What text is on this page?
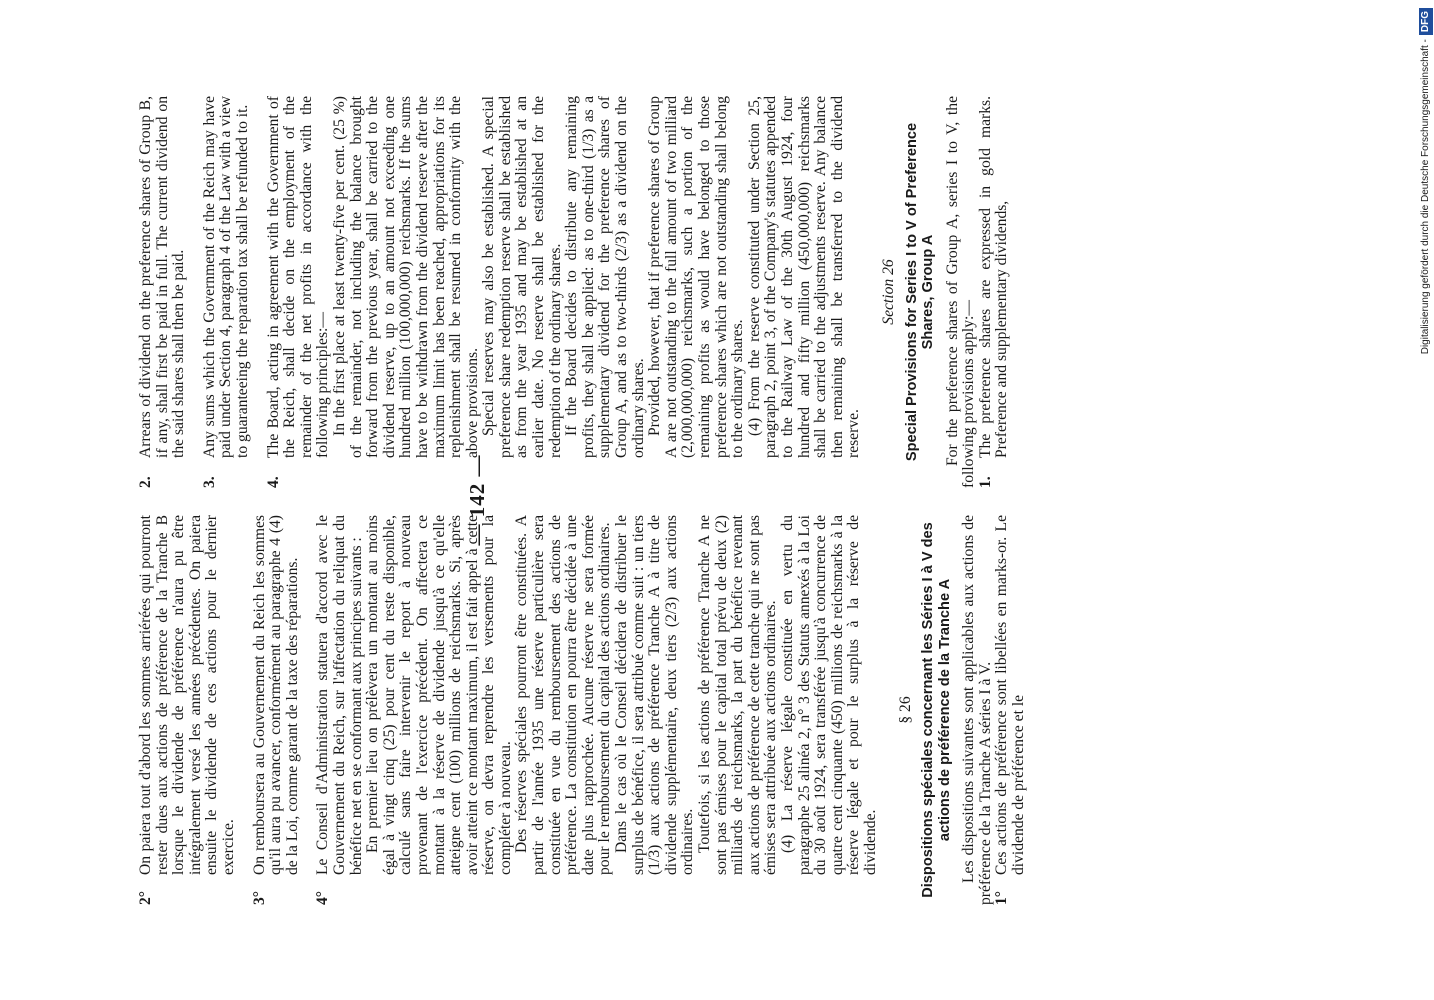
— 142 —
2°
On paiera tout d'abord les sommes arriérées qui pourront rester dues aux actions de préférence de la Tranche B lorsque le dividende de préférence n'aura pu être intégralement versé les années précédentes. On paiera ensuite le dividende de ces actions pour le dernier exercice.
3°
On remboursera au Gouvernement du Reich les sommes qu'il aura pu avancer, conformément au paragraphe 4 (4) de la Loi, comme garant de la taxe des réparations.
4°

Le Conseil d'Administration statuera d'accord avec le Gouvernement du Reich, sur l'affectation du reliquat du bénéfice net en se conformant aux principes suivants : En premier lieu on prélèvera un montant au moins égal à vingt cinq (25) pour cent du reste disponible, calculé sans faire intervenir le report à nouveau provenant de l'exercice précédent. On affectera ce montant à la réserve de dividende jusqu'à ce qu'elle atteigne cent (100) millions de reichsmarks. Si, après avoir atteint ce montant maximum, il est fait appel à cette réserve, on devra reprendre les versements pour la compléter à nouveau. Des réserves spéciales pourront être constituées. A partir de l'année 1935 une réserve particulière sera constituée en vue du remboursement des actions de préférence. La constitution en pourra être décidée à une date plus rapprochée. Aucune réserve ne sera formée pour le remboursement du capital des actions ordinaires. Dans le cas où le Conseil décidera de distribuer le surplus de bénéfice, il sera attribué comme suit : un tiers (1/3) aux actions de préférence Tranche A à titre de dividende supplémentaire, deux tiers (2/3) aux actions ordinaires. Toutefois, si les actions de préférence Tranche A ne sont pas émises pour le capital total prévu de deux (2) milliards de reichsmarks, la part du bénéfice revenant aux actions de préférence de cette tranche qui ne sont pas émises sera attribuée aux actions ordinaires. (4) La réserve légale constituée en vertu du paragraphe 25 alinéa 2, n° 3 des Statuts annexés à la Loi du 30 août 1924, sera transférée jusqu'à concurrence de quatre cent cinquante (450) millions de reichsmarks à la réserve légale et pour le surplus à la réserve de dividende.

§ 26 Dispositions spéciales concernant les Séries I à V des actions de préférence de la Tranche A Les dispositions suivantes sont applicables aux actions de préférence de la Tranche A séries I à V. 1°
Ces actions de préférence sont libellées en marks-or. Le dividende de préférence et le
2.
Arrears of dividend on the preference shares of Group B, if any, shall first be paid in full. The current dividend on the said shares shall then be paid.
3.
Any sums which the Government of the Reich may have paid under Section 4, paragraph 4 of the Law with a view to guaranteeing the reparation tax shall be refunded to it.
4.

The Board, acting in agreement with the Government of the Reich, shall decide on the employment of the remainder of the net profits in accordance with the following principles:— In the first place at least twenty-five per cent. (25 %) of the remainder, not including the balance brought forward from the previous year, shall be carried to the dividend reserve, up to an amount not exceeding one hundred million (100,000,000) reichsmarks. If the sums have to be withdrawn from the dividend reserve after the maximum limit has been reached, appropriations for its replenishment shall be resumed in conformity with the above provisions. Special reserves may also be established. A special preference share redemption reserve shall be established as from the year 1935 and may be established at an earlier date. No reserve shall be established for the redemption of the ordinary shares. If the Board decides to distribute any remaining profits, they shall be applied: as to one-third (1/3) as a supplementary dividend for the preference shares of Group A, and as to two-thirds (2/3) as a dividend on the ordinary shares. Provided, however, that if preference shares of Group A are not outstanding to the full amount of two milliard (2,000,000,000) reichsmarks, such a portion of the remaining profits as would have belonged to those preference shares which are not outstanding shall belong to the ordinary shares. (4) From the reserve constituted under Section 25, paragraph 2, point 3, of the Company's statutes appended to the Railway Law of the 30th August 1924, four hundred and fifty million (450,000,000) reichsmarks shall be carried to the adjustments reserve. Any balance then remaining shall be transferred to the dividend reserve.

Section 26 Special Provisions for Series I to V of Preference Shares, Group A For the preference shares of Group A, series I to V, the following provisions apply:— 1.
The preference shares are expressed in gold marks. Preference and supplementary dividends,	Digitalisierung gefördert durch die Deutsche Forschungsgemeinschaft -DFG
